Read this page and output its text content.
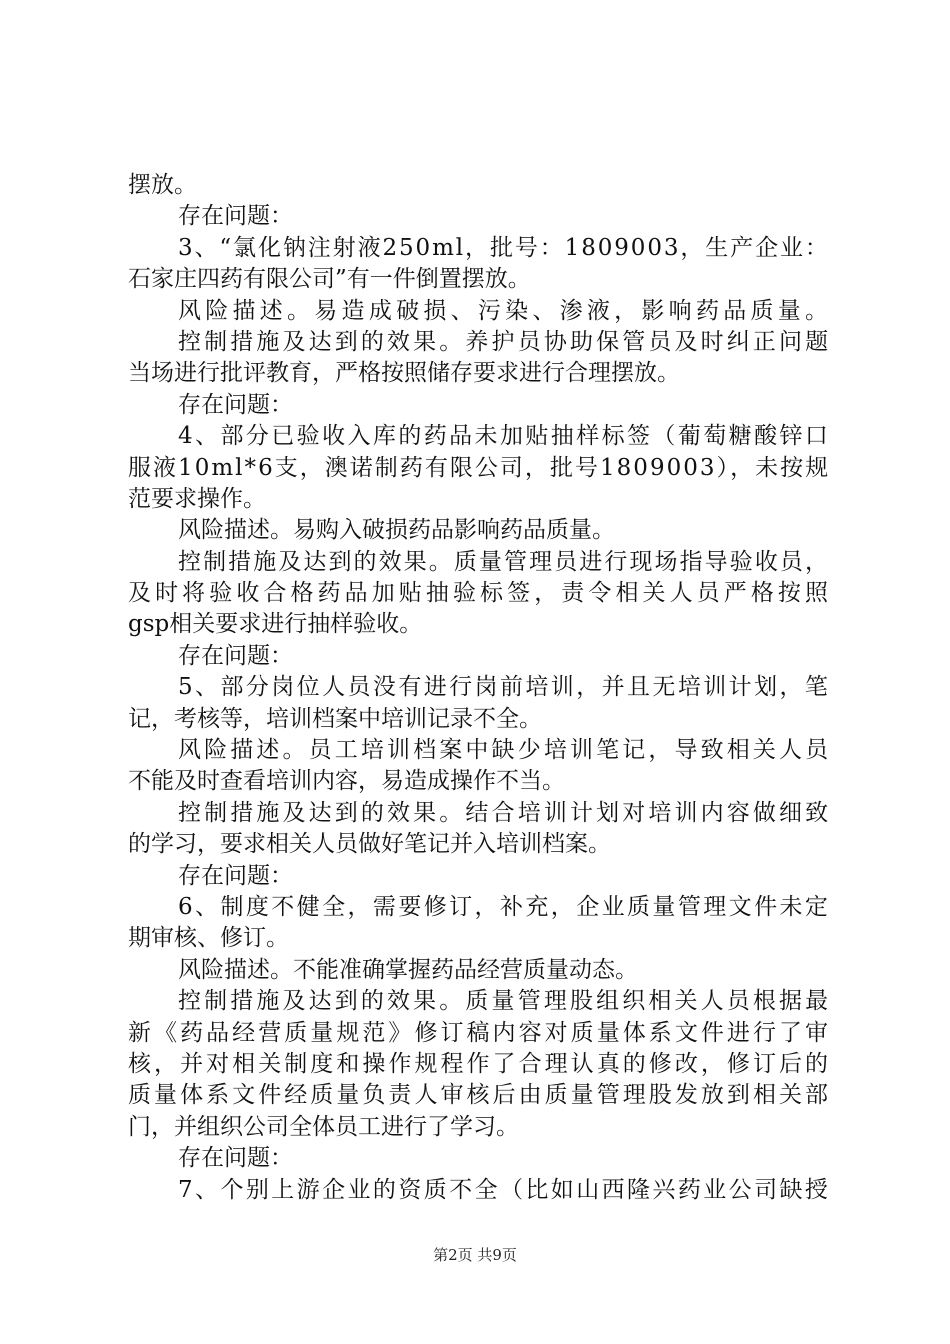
摆放。
存在问题：
3、“氯化钠注射液250ml，批号：1809003，生产企业：
石家庄四药有限公司”有一件倒置摆放。
风险描述。易造成破损、污染、渗液，影响药品质量。
控制措施及达到的效果。养护员协助保管员及时纠正问题
当场进行批评教育，严格按照储存要求进行合理摆放。
存在问题：
4、部分已验收入库的药品未加贴抽样标签（葡萄糖酸锌口
服液10ml*6支，澳诺制药有限公司，批号1809003），未按规
范要求操作。
风险描述。易购入破损药品影响药品质量。
控制措施及达到的效果。质量管理员进行现场指导验收员，
及时将验收合格药品加贴抽验标签，责令相关人员严格按照
gsp相关要求进行抽样验收。
存在问题：
5、部分岗位人员没有进行岗前培训，并且无培训计划，笔
记，考核等，培训档案中培训记录不全。
风险描述。员工培训档案中缺少培训笔记，导致相关人员
不能及时查看培训内容，易造成操作不当。
控制措施及达到的效果。结合培训计划对培训内容做细致
的学习，要求相关人员做好笔记并入培训档案。
存在问题：
6、制度不健全，需要修订，补充，企业质量管理文件未定
期审核、修订。
风险描述。不能准确掌握药品经营质量动态。
控制措施及达到的效果。质量管理股组织相关人员根据最
新《药品经营质量规范》修订稿内容对质量体系文件进行了审
核，并对相关制度和操作规程作了合理认真的修改，修订后的
质量体系文件经质量负责人审核后由质量管理股发放到相关部
门，并组织公司全体员工进行了学习。
存在问题：
7、个别上游企业的资质不全（比如山西隆兴药业公司缺授
第2页 共9页
